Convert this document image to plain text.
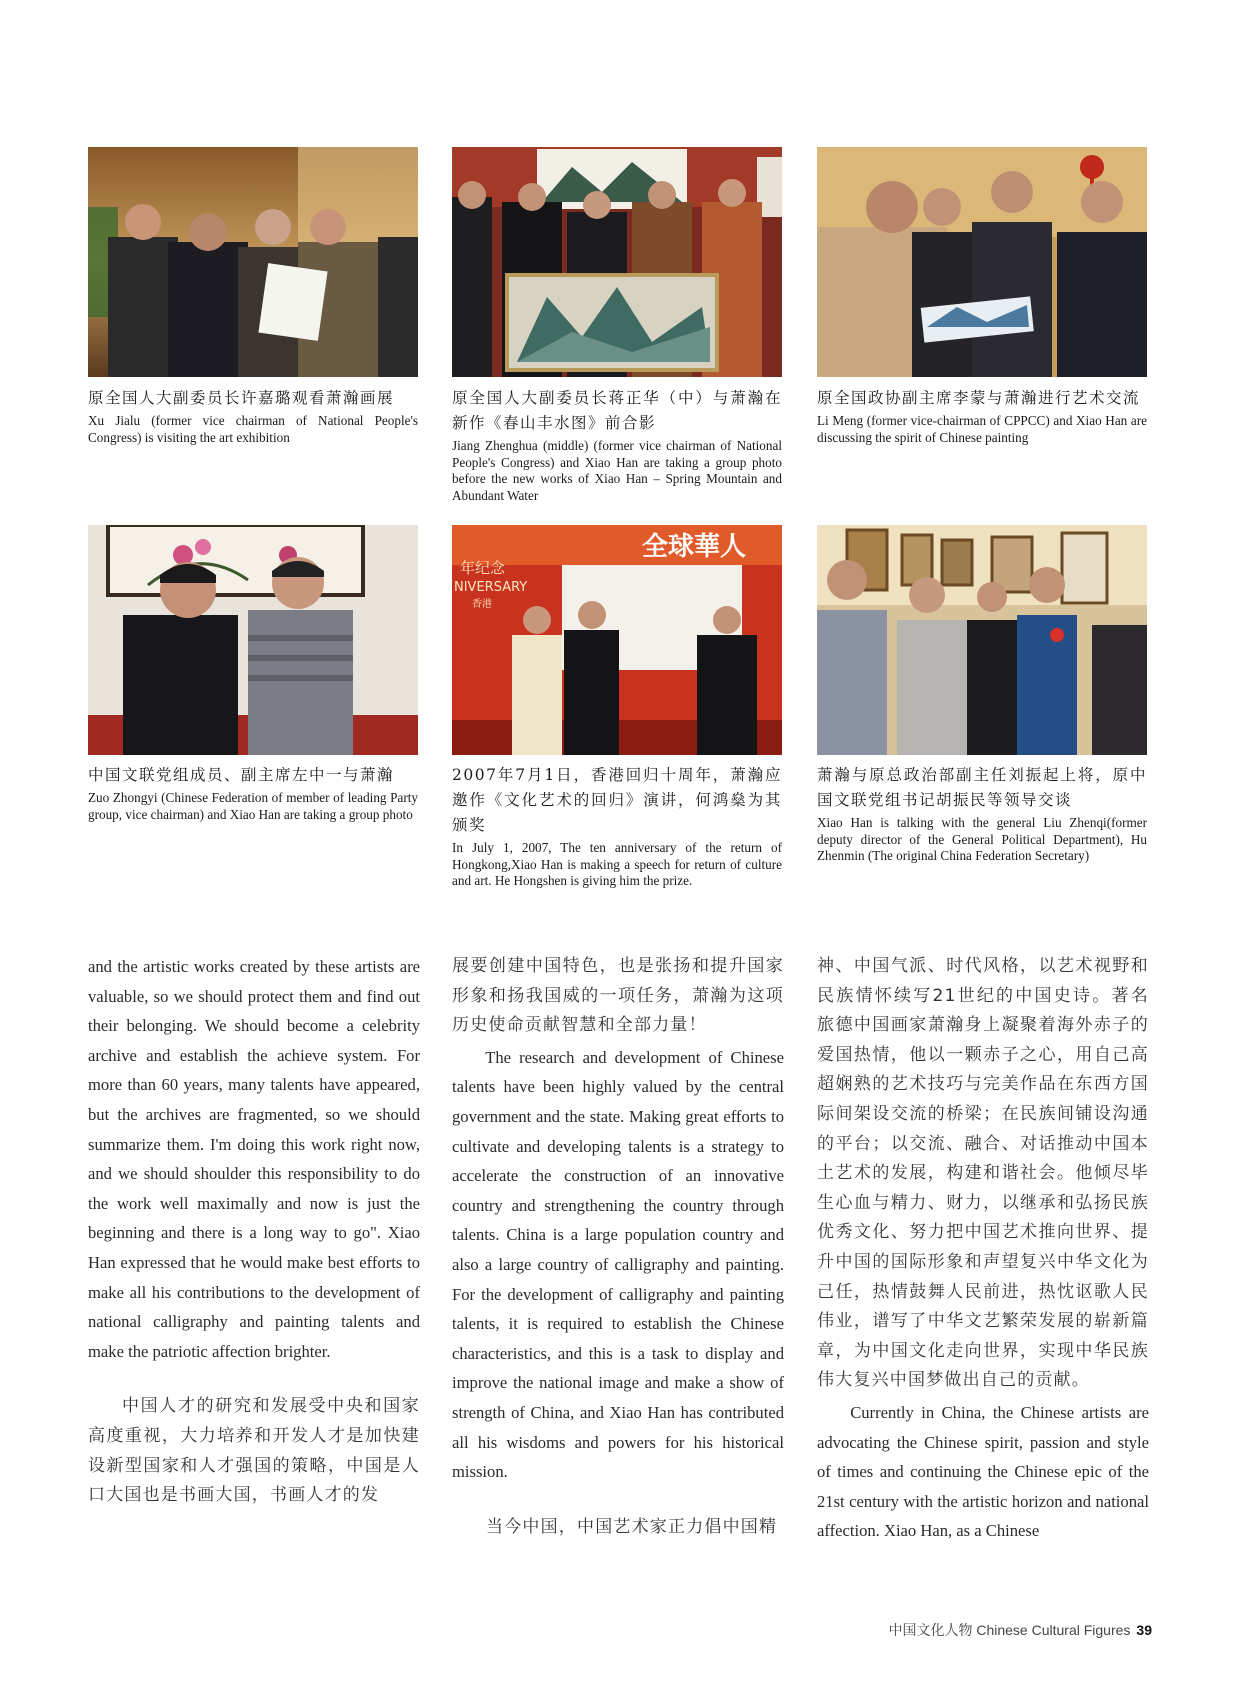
原全国人大副委员长许嘉璐观看萧瀚画展
Xu Jialu (former vice chairman of National People's Congress) is visiting the art exhibition
原全国人大副委员长蒋正华（中）与萧瀚在新作《春山丰水图》前合影
Jiang Zhenghua (middle) (former vice chairman of National People's Congress) and Xiao Han are taking a group photo before the new works of Xiao Han – Spring Mountain and Abundant Water
原全国政协副主席李蒙与萧瀚进行艺术交流
Li Meng (former vice-chairman of CPPCC) and Xiao Han are discussing the spirit of Chinese painting
全球華人
年纪念
NIVERSARY
香港
中国文联党组成员、副主席左中一与萧瀚
Zuo Zhongyi (Chinese Federation of member of leading Party group, vice chairman) and Xiao Han are taking a group photo
2007年7月1日，香港回归十周年，萧瀚应邀作《文化艺术的回归》演讲，何鸿燊为其颁奖
In July 1, 2007, The ten anniversary of the return of Hongkong,Xiao Han is making a speech for return of culture and art. He Hongshen is giving him the prize.
萧瀚与原总政治部副主任刘振起上将，原中国文联党组书记胡振民等领导交谈
Xiao Han is talking with the general Liu Zhenqi(former deputy director of the General Political Department), Hu Zhenmin (The original China Federation Secretary)

and the artistic works created by these artists are valuable, so we should protect them and find out their belonging. We should become a celebrity archive and establish the achieve system. For more than 60 years, many talents have appeared, but the archives are fragmented, so we should summarize them. I'm doing this work right now, and we should shoulder this responsibility to do the work well maximally and now is just the beginning and there is a long way to go". Xiao Han expressed that he would make best efforts to make all his contributions to the development of national calligraphy and painting talents and make the patriotic affection brighter.

中国人才的研究和发展受中央和国家高度重视，大力培养和开发人才是加快建设新型国家和人才强国的策略，中国是人口大国也是书画大国，书画人才的发

展要创建中国特色，也是张扬和提升国家形象和扬我国威的一项任务，萧瀚为这项历史使命贡献智慧和全部力量！

The research and development of Chinese talents have been highly valued by the central government and the state. Making great efforts to cultivate and developing talents is a strategy to accelerate the construction of an innovative country and strengthening the country through talents. China is a large population country and also a large country of calligraphy and painting. For the development of calligraphy and painting talents, it is required to establish the Chinese characteristics, and this is a task to display and improve the national image and make a show of strength of China, and Xiao Han has contributed all his wisdoms and powers for his historical mission.

当今中国，中国艺术家正力倡中国精

神、中国气派、时代风格，以艺术视野和民族情怀续写21世纪的中国史诗。著名旅德中国画家萧瀚身上凝聚着海外赤子的爱国热情，他以一颗赤子之心，用自己高超娴熟的艺术技巧与完美作品在东西方国际间架设交流的桥梁；在民族间铺设沟通的平台；以交流、融合、对话推动中国本土艺术的发展，构建和谐社会。他倾尽毕生心血与精力、财力，以继承和弘扬民族优秀文化、努力把中国艺术推向世界、提升中国的国际形象和声望复兴中华文化为己任，热情鼓舞人民前进，热忱讴歌人民伟业，谱写了中华文艺繁荣发展的崭新篇章，为中国文化走向世界，实现中华民族伟大复兴中国梦做出自己的贡献。

Currently in China, the Chinese artists are advocating the Chinese spirit, passion and style of times and continuing the Chinese epic of the 21st century with the artistic horizon and national affection. Xiao Han, as a Chinese

中国文化人物 Chinese Cultural Figures 39
